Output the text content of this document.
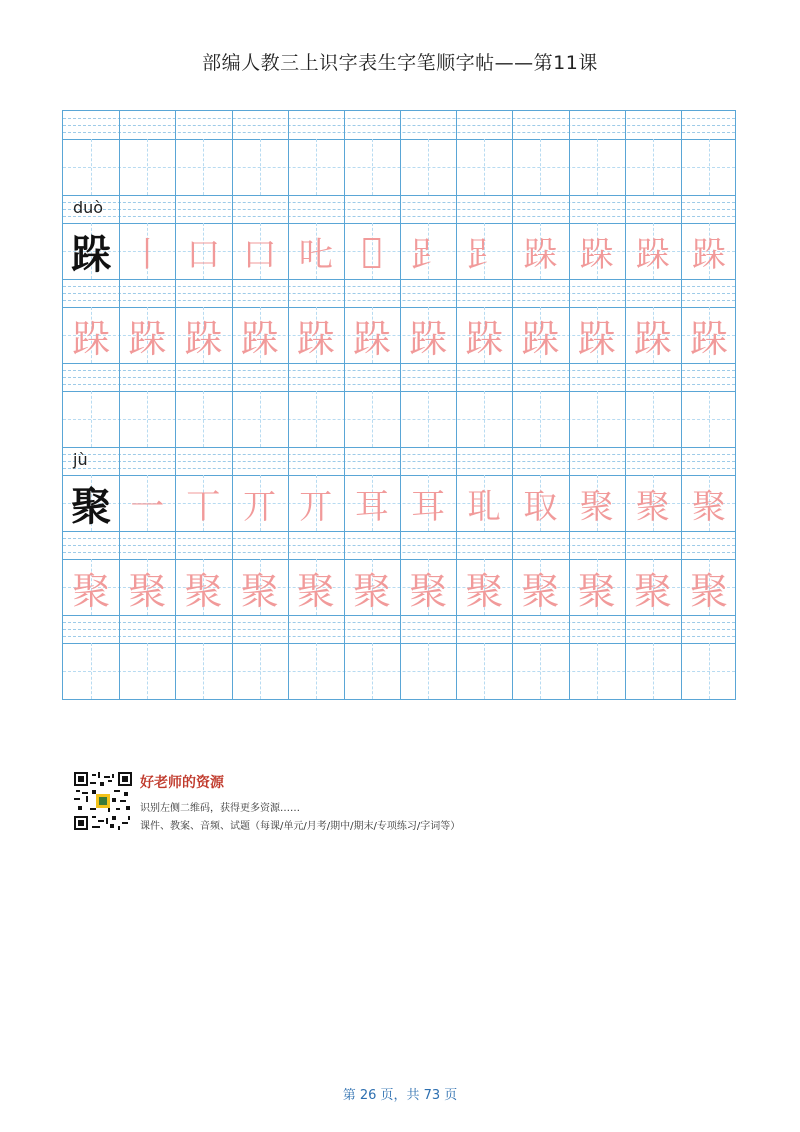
部编人教三上识字表生字笔顺字帖——第11课
duò
跺 丨 口 口 𠮟 𠯁 𧾷 𧾷 跺 跺 跺 跺
跺 跺 跺 跺 跺 跺 跺 跺 跺 跺 跺 跺
jù
聚 一 丅 丌 丌 耳 耳 耴 取 聚 聚 聚
聚 聚 聚 聚 聚 聚 聚 聚 聚 聚 聚 聚
好老师的资源
识别左侧二维码，获得更多资源……
课件、教案、音频、试题（每课/单元/月考/期中/期末/专项练习/字词等）
第 26 页，共 73 页
